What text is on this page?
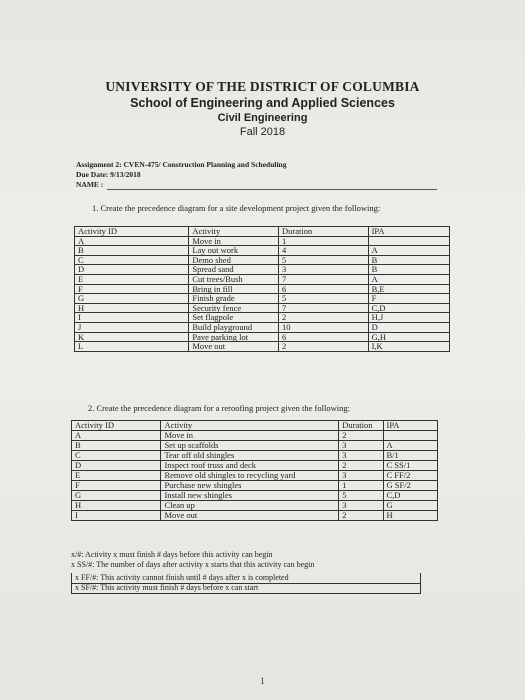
UNIVERSITY OF THE DISTRICT OF COLUMBIA
School of Engineering and Applied Sciences
Civil Engineering
Fall 2018
Assignment 2: CVEN-475/ Construction Planning and Scheduling
Due Date: 9/13/2018
NAME :
1. Create the precedence diagram for a site development project given the following:
Activity ID	Activity	Duration	IPA
A	Move in	1	
B	Lay out work	4	A
C	Demo shed	5	B
D	Spread sand	3	B
E	Cut trees/Bush	7	A
F	Bring in fill	6	B,E
G	Finish grade	5	F
H	Security fence	7	C,D
I	Set flagpole	2	H,J
J	Build playground	10	D
K	Pave parking lot	6	G,H
L	Move out	2	I,K
2. Create the precedence diagram for a reroofing project given the following:
Activity ID	Activity	Duration	IPA
A	Move in	2	
B	Set up scaffolds	3	A
C	Tear off old shingles	3	B/1
D	Inspect roof truss and deck	2	C SS/1
E	Remove old shingles to recycling yard	3	C FF/2
F	Purchase new shingles	1	G SF/2
G	Install new shingles	5	C,D
H	Clean up	3	G
I	Move out	2	H
x/#: Activity x must finish # days before this activity can begin
x SS/#: The number of days after activity x starts that this activity can begin
x FF/#: This activity cannot finish until # days after x is completed
x SF/#: This activity must finish # days before x can start
1
